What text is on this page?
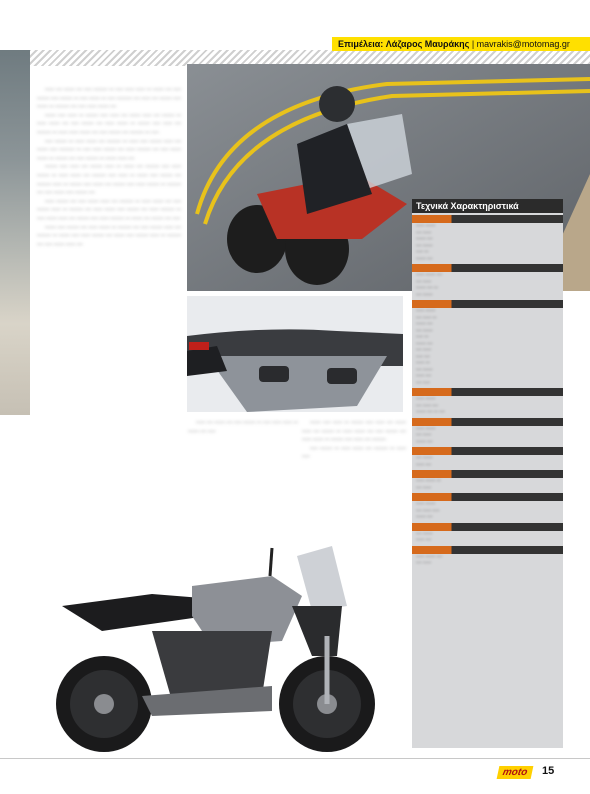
Επιμέλεια: Λάζαρος Μαυράκης | mavrakis@motomag.gr

ꞏꞏꞏꞏꞏꞏ ꞏꞏꞏꞏ ꞏꞏꞏꞏꞏꞏꞏ ꞏꞏꞏꞏ ꞏꞏꞏꞏꞏ ꞏꞏꞏꞏꞏꞏꞏꞏꞏ ꞏꞏꞏ ꞏꞏꞏꞏꞏ ꞏꞏꞏꞏꞏꞏ ꞏꞏꞏꞏꞏꞏ ꞏꞏꞏ ꞏꞏꞏꞏꞏꞏꞏ ꞏꞏꞏꞏ ꞏꞏꞏꞏꞏ ꞏꞏꞏꞏꞏꞏꞏꞏ ꞏꞏꞏꞏꞏ ꞏꞏꞏꞏꞏꞏꞏꞏ ꞏꞏꞏ ꞏꞏꞏꞏꞏ ꞏꞏꞏꞏꞏꞏꞏ ꞏꞏꞏ ꞏꞏꞏꞏꞏ ꞏꞏꞏꞏꞏꞏꞏꞏꞏꞏ ꞏꞏꞏꞏ ꞏꞏꞏꞏꞏꞏ ꞏꞏꞏꞏ ꞏꞏꞏꞏꞏꞏꞏꞏ ꞏꞏꞏꞏꞏ ꞏꞏꞏꞏꞏꞏꞏ ꞏꞏꞏ ꞏꞏꞏꞏꞏꞏꞏꞏꞏ ꞏꞏꞏꞏ ꞏꞏꞏꞏꞏ ꞏꞏꞏꞏꞏꞏ ꞏꞏꞏꞏꞏꞏꞏ ꞏꞏꞏꞏ

ꞏꞏꞏꞏꞏꞏꞏ ꞏꞏꞏꞏꞏ ꞏꞏꞏꞏꞏꞏ ꞏꞏꞏ ꞏꞏꞏꞏꞏꞏꞏꞏ ꞏꞏꞏꞏꞏ ꞏꞏꞏꞏꞏꞏ ꞏꞏꞏꞏ ꞏꞏꞏꞏꞏꞏꞏ ꞏꞏꞏꞏꞏꞏ ꞏꞏꞏꞏ ꞏꞏꞏꞏꞏꞏꞏꞏ ꞏꞏꞏ ꞏꞏꞏꞏꞏꞏ ꞏꞏꞏꞏꞏꞏꞏ ꞏꞏꞏꞏ ꞏꞏꞏꞏꞏ ꞏꞏꞏꞏꞏꞏꞏꞏ ꞏꞏꞏꞏ ꞏꞏꞏꞏꞏꞏ ꞏꞏꞏꞏꞏꞏꞏ ꞏꞏꞏ ꞏꞏꞏꞏꞏꞏꞏꞏ ꞏꞏꞏꞏꞏ ꞏꞏꞏꞏꞏꞏ ꞏꞏꞏꞏ ꞏꞏꞏꞏꞏꞏꞏꞏꞏ ꞏꞏꞏ ꞏꞏꞏꞏꞏꞏ ꞏꞏꞏꞏꞏꞏ ꞏꞏꞏꞏꞏꞏꞏ ꞏꞏꞏꞏ ꞏꞏꞏꞏꞏ ꞏꞏꞏꞏꞏꞏꞏꞏ ꞏꞏꞏꞏ ꞏꞏꞏꞏꞏꞏꞏꞏꞏ ꞏꞏꞏ ꞏꞏꞏꞏꞏ

ꞏꞏꞏꞏꞏ ꞏꞏꞏꞏꞏꞏꞏꞏ ꞏꞏꞏ ꞏꞏꞏꞏꞏꞏ ꞏꞏꞏꞏꞏꞏꞏ ꞏꞏꞏꞏ ꞏꞏꞏꞏꞏꞏꞏꞏꞏ ꞏꞏꞏ ꞏꞏꞏꞏꞏꞏ ꞏꞏꞏꞏꞏ ꞏꞏꞏꞏꞏꞏꞏꞏ ꞏꞏꞏꞏꞏꞏ ꞏꞏꞏꞏ ꞏꞏꞏꞏꞏꞏꞏ ꞏꞏꞏꞏꞏ ꞏꞏꞏꞏꞏꞏꞏꞏꞏꞏ ꞏꞏꞏ ꞏꞏꞏꞏꞏ ꞏꞏꞏꞏꞏꞏ ꞏꞏꞏꞏꞏꞏꞏꞏ ꞏꞏꞏꞏ ꞏꞏꞏꞏꞏꞏ ꞏꞏꞏꞏꞏꞏꞏꞏꞏ ꞏꞏꞏꞏ ꞏꞏꞏꞏꞏ ꞏꞏꞏꞏꞏꞏꞏ ꞏꞏꞏꞏꞏꞏꞏ ꞏꞏꞏ ꞏꞏꞏꞏꞏꞏꞏꞏ ꞏꞏꞏꞏ ꞏꞏꞏꞏꞏ ꞏꞏꞏꞏꞏꞏꞏꞏ ꞏꞏꞏ ꞏꞏꞏꞏꞏꞏꞏ ꞏꞏꞏꞏꞏꞏ ꞏꞏꞏꞏ

ꞏꞏꞏꞏꞏꞏꞏꞏ ꞏꞏꞏꞏꞏ ꞏꞏꞏꞏꞏꞏ ꞏꞏꞏꞏ ꞏꞏꞏꞏꞏꞏꞏꞏ ꞏꞏꞏꞏꞏꞏ ꞏꞏꞏ ꞏꞏꞏꞏꞏꞏꞏ ꞏꞏꞏꞏ ꞏꞏꞏꞏꞏꞏꞏꞏꞏ ꞏꞏꞏꞏꞏ ꞏꞏꞏꞏꞏꞏ ꞏꞏꞏꞏꞏꞏꞏꞏ ꞏꞏꞏ ꞏꞏꞏꞏꞏꞏ ꞏꞏꞏꞏꞏꞏꞏ ꞏꞏꞏꞏ ꞏꞏꞏꞏꞏꞏꞏꞏꞏ ꞏꞏꞏꞏꞏ ꞏꞏꞏꞏꞏꞏ ꞏꞏꞏ ꞏꞏꞏꞏꞏꞏꞏ ꞏꞏꞏꞏꞏ ꞏꞏꞏꞏꞏꞏꞏꞏ ꞏꞏꞏꞏ ꞏꞏꞏꞏꞏꞏꞏꞏꞏ ꞏꞏꞏꞏꞏꞏ ꞏꞏꞏ ꞏꞏꞏꞏꞏꞏꞏꞏ ꞏꞏꞏꞏꞏ ꞏꞏꞏꞏꞏꞏꞏ ꞏꞏꞏꞏ ꞏꞏꞏꞏꞏꞏꞏꞏ ꞏꞏꞏꞏꞏ ꞏꞏꞏꞏꞏꞏ ꞏꞏꞏꞏꞏꞏꞏꞏ ꞏꞏꞏ ꞏꞏꞏꞏꞏꞏꞏꞏꞏ ꞏꞏꞏꞏ ꞏꞏꞏꞏꞏ ꞏꞏꞏꞏꞏꞏꞏ ꞏꞏꞏꞏꞏ ꞏꞏꞏꞏꞏꞏꞏꞏ ꞏꞏꞏꞏ

ꞏꞏꞏꞏꞏꞏ ꞏꞏꞏꞏꞏꞏꞏꞏ ꞏꞏꞏꞏ ꞏꞏꞏꞏꞏ ꞏꞏꞏꞏꞏꞏꞏ ꞏꞏꞏꞏꞏꞏ ꞏꞏꞏꞏ ꞏꞏꞏꞏꞏꞏꞏꞏꞏ ꞏꞏꞏ ꞏꞏꞏꞏꞏꞏ ꞏꞏꞏꞏꞏꞏꞏ ꞏꞏꞏꞏ ꞏꞏꞏꞏꞏ ꞏꞏꞏꞏꞏꞏꞏꞏ ꞏꞏꞏꞏꞏꞏ ꞏꞏꞏ ꞏꞏꞏꞏꞏꞏꞏꞏꞏ ꞏꞏꞏꞏ ꞏꞏꞏꞏꞏꞏ ꞏꞏꞏꞏꞏꞏꞏ ꞏꞏꞏꞏꞏ ꞏꞏꞏꞏꞏꞏꞏꞏ ꞏꞏꞏꞏ ꞏꞏꞏꞏꞏꞏ ꞏꞏꞏꞏꞏꞏꞏꞏꞏ ꞏꞏꞏ ꞏꞏꞏꞏꞏ ꞏꞏꞏꞏꞏꞏꞏ ꞏꞏꞏꞏꞏꞏ ꞏꞏꞏꞏ ꞏꞏꞏꞏꞏꞏꞏꞏ ꞏꞏꞏꞏꞏ ꞏꞏꞏꞏꞏꞏ ꞏꞏꞏꞏꞏꞏꞏꞏꞏ ꞏꞏꞏ ꞏꞏꞏꞏꞏꞏꞏ ꞏꞏꞏꞏ ꞏꞏꞏꞏꞏꞏꞏꞏ ꞏꞏꞏꞏ ꞏꞏꞏꞏꞏ

ꞏꞏꞏꞏꞏꞏꞏ ꞏꞏꞏꞏꞏ ꞏꞏꞏꞏꞏꞏꞏꞏ ꞏꞏꞏꞏ ꞏꞏꞏꞏꞏꞏ ꞏꞏꞏꞏꞏꞏꞏ ꞏꞏꞏ ꞏꞏꞏꞏꞏꞏꞏꞏꞏ ꞏꞏꞏꞏ ꞏꞏꞏꞏꞏ ꞏꞏꞏꞏꞏꞏꞏꞏ ꞏꞏꞏꞏꞏꞏ ꞏꞏꞏꞏ ꞏꞏꞏꞏꞏꞏꞏꞏꞏ ꞏꞏꞏ ꞏꞏꞏꞏꞏꞏꞏ ꞏꞏꞏꞏꞏ ꞏꞏꞏꞏꞏꞏ ꞏꞏꞏꞏꞏꞏꞏꞏ ꞏꞏꞏꞏ ꞏꞏꞏꞏꞏꞏꞏ ꞏꞏꞏꞏꞏ ꞏꞏꞏꞏꞏꞏꞏꞏ ꞏꞏꞏꞏꞏꞏ ꞏꞏꞏ ꞏꞏꞏꞏꞏꞏꞏꞏꞏ ꞏꞏꞏꞏ ꞏꞏꞏꞏꞏ ꞏꞏꞏꞏꞏꞏꞏ ꞏꞏꞏꞏꞏꞏ ꞏꞏꞏꞏ

ꞏꞏꞏꞏꞏꞏ ꞏꞏꞏꞏ ꞏꞏꞏꞏꞏꞏꞏ ꞏꞏꞏꞏ ꞏꞏꞏꞏꞏ ꞏꞏꞏꞏꞏꞏꞏꞏ ꞏꞏꞏ ꞏꞏꞏꞏꞏ ꞏꞏꞏꞏꞏꞏ ꞏꞏꞏꞏꞏꞏ ꞏꞏꞏ ꞏꞏꞏꞏꞏꞏꞏ ꞏꞏꞏꞏ ꞏꞏꞏꞏꞏ

ꞏꞏꞏꞏꞏꞏꞏ ꞏꞏꞏꞏꞏ ꞏꞏꞏꞏꞏꞏ ꞏꞏꞏ ꞏꞏꞏꞏꞏꞏꞏꞏ ꞏꞏꞏꞏꞏ ꞏꞏꞏꞏꞏꞏ ꞏꞏꞏꞏ ꞏꞏꞏꞏꞏꞏꞏ ꞏꞏꞏꞏꞏꞏ ꞏꞏꞏꞏ ꞏꞏꞏꞏꞏꞏꞏꞏ ꞏꞏꞏ ꞏꞏꞏꞏꞏꞏ ꞏꞏꞏꞏꞏꞏꞏ ꞏꞏꞏꞏ ꞏꞏꞏꞏꞏ ꞏꞏꞏꞏꞏꞏꞏꞏ ꞏꞏꞏꞏ ꞏꞏꞏꞏꞏꞏ ꞏꞏꞏꞏꞏꞏꞏ ꞏꞏꞏ ꞏꞏꞏꞏꞏꞏꞏꞏ ꞏꞏꞏꞏꞏ ꞏꞏꞏꞏꞏꞏ ꞏꞏꞏꞏ ꞏꞏꞏꞏꞏꞏꞏꞏꞏ

ꞏꞏꞏꞏꞏ ꞏꞏꞏꞏꞏꞏꞏꞏ ꞏꞏꞏ ꞏꞏꞏꞏꞏꞏ ꞏꞏꞏꞏꞏꞏꞏ ꞏꞏꞏꞏ ꞏꞏꞏꞏꞏꞏꞏꞏꞏ ꞏꞏꞏ ꞏꞏꞏꞏꞏꞏ ꞏꞏꞏꞏꞏ

Τεχνικά Χαρακτηριστικά
ꞏꞏꞏꞏꞏꞏ ꞏꞏꞏꞏꞏꞏꞏ
ꞏꞏꞏꞏ ꞏꞏꞏꞏꞏꞏ
ꞏꞏꞏꞏꞏꞏꞏ ꞏꞏꞏꞏ
ꞏꞏꞏꞏ ꞏꞏꞏꞏꞏꞏꞏ
ꞏꞏꞏꞏꞏ ꞏꞏꞏ
ꞏꞏꞏꞏꞏꞏꞏ ꞏꞏꞏꞏ
ꞏꞏꞏꞏꞏꞏ ꞏꞏꞏꞏꞏꞏꞏ ꞏꞏꞏꞏ
ꞏꞏꞏꞏ ꞏꞏꞏꞏꞏꞏ
ꞏꞏꞏꞏꞏꞏꞏ ꞏꞏꞏꞏ ꞏꞏꞏ
ꞏꞏꞏꞏ ꞏꞏꞏꞏꞏꞏꞏ
ꞏꞏꞏꞏꞏꞏ ꞏꞏꞏꞏꞏꞏꞏ
ꞏꞏꞏꞏ ꞏꞏꞏꞏꞏꞏ ꞏꞏꞏ
ꞏꞏꞏꞏꞏꞏꞏ ꞏꞏꞏꞏ
ꞏꞏꞏꞏ ꞏꞏꞏꞏꞏꞏꞏ
ꞏꞏꞏꞏꞏ ꞏꞏꞏ
ꞏꞏꞏꞏꞏꞏꞏ ꞏꞏꞏꞏ
ꞏꞏꞏꞏ ꞏꞏꞏꞏꞏꞏ
ꞏꞏꞏꞏꞏ ꞏꞏꞏꞏ
ꞏꞏꞏꞏꞏꞏ ꞏꞏꞏ
ꞏꞏꞏꞏ ꞏꞏꞏꞏꞏꞏꞏ
ꞏꞏꞏꞏꞏꞏ ꞏꞏꞏꞏ
ꞏꞏꞏꞏ ꞏꞏꞏꞏꞏ
ꞏꞏꞏꞏꞏꞏ ꞏꞏꞏꞏꞏꞏꞏ
ꞏꞏꞏꞏ ꞏꞏꞏꞏꞏꞏ ꞏꞏꞏꞏ
ꞏꞏꞏꞏꞏꞏꞏ ꞏꞏꞏꞏ ꞏꞏꞏ ꞏꞏꞏꞏ
ꞏꞏꞏꞏꞏꞏ ꞏꞏꞏꞏꞏꞏꞏ
ꞏꞏꞏꞏ ꞏꞏꞏꞏꞏꞏ
ꞏꞏꞏꞏꞏꞏꞏ ꞏꞏꞏꞏ
ꞏꞏꞏꞏ ꞏꞏꞏꞏꞏꞏꞏ
ꞏꞏꞏꞏꞏꞏ ꞏꞏꞏꞏ
ꞏꞏꞏꞏꞏꞏ ꞏꞏꞏꞏꞏꞏꞏ ꞏꞏꞏ
ꞏꞏꞏꞏ ꞏꞏꞏꞏꞏꞏ
ꞏꞏꞏꞏꞏꞏ ꞏꞏꞏꞏꞏꞏꞏ
ꞏꞏꞏꞏ ꞏꞏꞏꞏꞏꞏ ꞏꞏꞏꞏꞏ
ꞏꞏꞏꞏꞏꞏꞏ ꞏꞏꞏꞏ
ꞏꞏꞏꞏ ꞏꞏꞏꞏꞏꞏꞏ
ꞏꞏꞏꞏꞏꞏ ꞏꞏꞏꞏ
ꞏꞏꞏꞏꞏꞏ ꞏꞏꞏꞏꞏꞏꞏ ꞏꞏꞏꞏ
ꞏꞏꞏꞏ ꞏꞏꞏꞏꞏꞏ
moto	15
